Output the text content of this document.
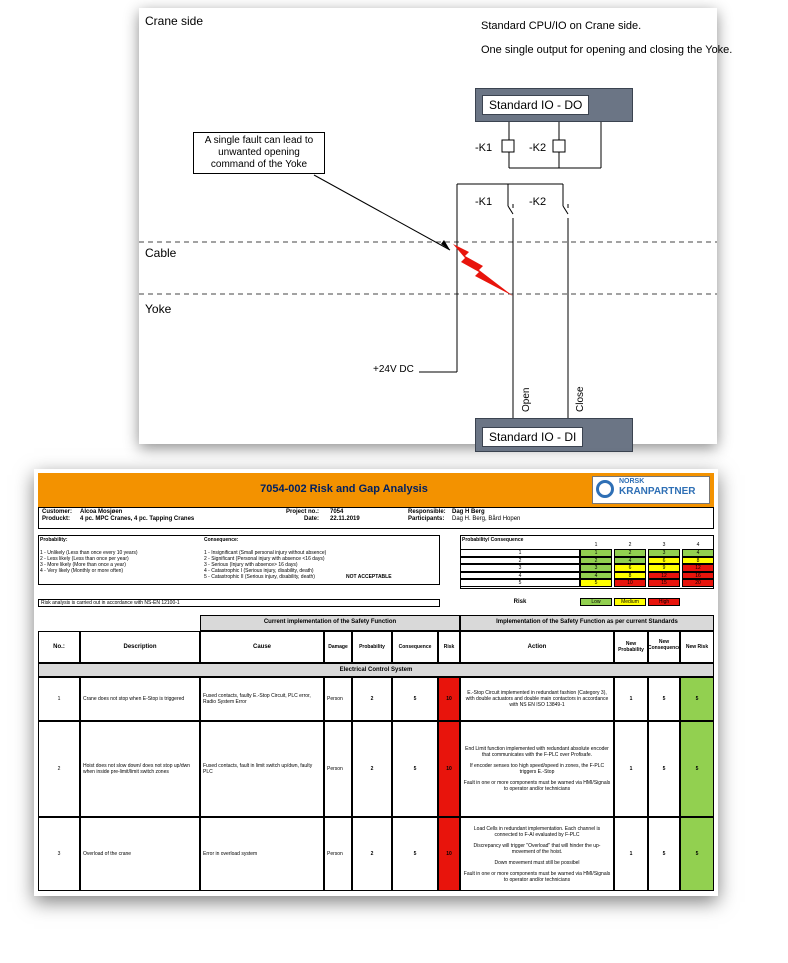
Crane side	Standard CPU/IO on Crane side.
One single output for opening and closing the Yoke.
Standard IO - DO
-K1	-K2
-K1	-K2
A single fault can lead to unwanted opening command of the Yoke
Cable
Yoke
+24V DC
Open	Close
Standard IO - DI
7054-002 Risk and Gap Analysis
NORSK
KRANPARTNER
Customer: Alcoa Mosjøen
Produckt: 4 pc. MPC Cranes, 4 pc. Tapping Cranes
Project no.: 7054
Date: 22.11.2019
Responsible: Dag H Berg
Participants: Dag H. Berg, Bård Hopen
Probability:
1 - Unlikely (Less than once every 10 years)
2 - Less likely (Less than once per year)
3 - More likely (More than once a year)
4 - Very likely (Monthly or more often)
Consequence:
1 - Insignificant (Small personal injury without absence)
2 - Significant (Personal injury with absence <16 days)
3 - Serious (Injury with absence> 16 days)
4 - Catastrophic I (Serious injury, disability, death)
5 - Catastrophic II (Serious injury, disability, death)	NOT ACCEPTABLE
Risk analysis is carried out in accordance with NS-EN 12100-1
Probability/ Consequence
1	2	3	4
1	1	2	3	4
2	2	4	6	8
3	3	6	9	12
4	4	8	12	16
5	5	10	15	20
Risk	Low	Medium	High
Current implementation of the Safety Function	Implementation of the Safety Function as per current Standards
No.:	Description	Cause	Damage	Probability	Consequence	Risk	Action	New Probability
New Consequence	New Risk
Electrical Control System
1	Crane does not stop when E-Stop is triggered	Fused contacts, faulty E.-Stop Circuit, PLC error, Radio System Error	Person	2	5	10
E.-Stop Circuit implemented in redundant fashion (Category 3), with double actuators and double main contactors in accordance with NS EN ISO 13849-1
1	5	5
2	Hoist does not slow down/ does not stop up/dwn when inside pre-limit/limit switch zones
Fused contacts, fault in limit switch up/dwn, faulty PLC	Person	2	5	10
End Limit function implemented with redundant absolute encoder that communicates with the F-PLC over Profisafe.
If encoder senses too high speed/speed in zones, the F-PLC triggers E.-Stop
Fault in one or more components must be warned via HMI/Signals to operator and/or technicians
1	5	5
3	Overload of the crane	Error in overload system	Person	2	5	10
Load Cells in redundant implementation. Each channel is connected to F-AI evaluated by F-PLC
Discrepancy will trigger "Overload" that will hinder the up- movement of the hoist.
Down movement must still be possibel
Fault in one or more components must be warned via HMI/Signals to operator and/or technicians
1	5	5
